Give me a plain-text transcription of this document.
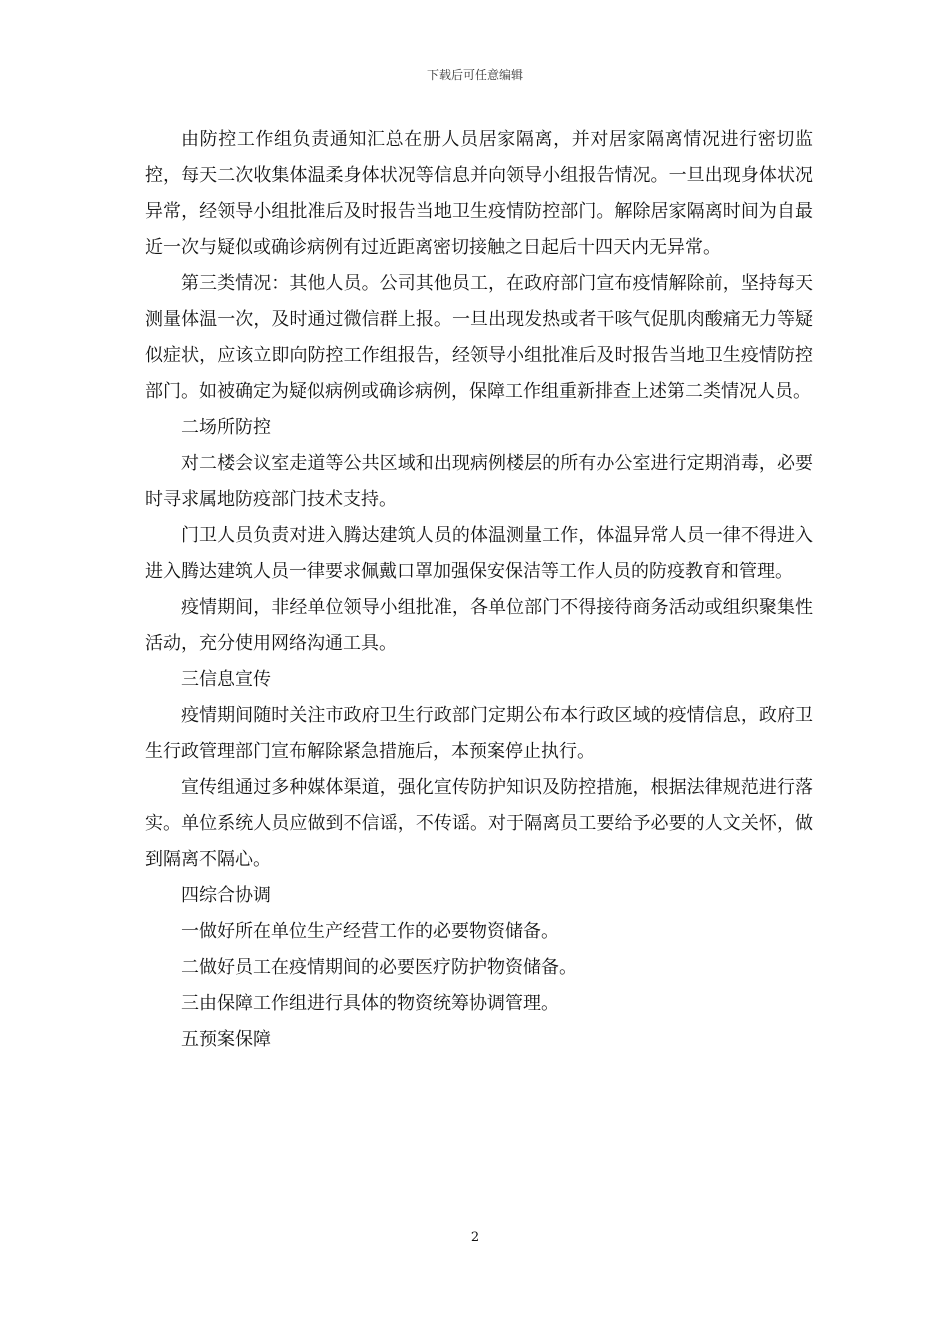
下载后可任意编辑

由防控工作组负责通知汇总在册人员居家隔离，并对居家隔离情况进行密切监控，每天二次收集体温柔身体状况等信息并向领导小组报告情况。一旦出现身体状况异常，经领导小组批准后及时报告当地卫生疫情防控部门。解除居家隔离时间为自最近一次与疑似或确诊病例有过近距离密切接触之日起后十四天内无异常。

第三类情况：其他人员。公司其他员工，在政府部门宣布疫情解除前，坚持每天测量体温一次，及时通过微信群上报。一旦出现发热或者干咳气促肌肉酸痛无力等疑似症状，应该立即向防控工作组报告，经领导小组批准后及时报告当地卫生疫情防控部门。如被确定为疑似病例或确诊病例，保障工作组重新排查上述第二类情况人员。

二场所防控

对二楼会议室走道等公共区域和出现病例楼层的所有办公室进行定期消毒，必要时寻求属地防疫部门技术支持。

门卫人员负责对进入腾达建筑人员的体温测量工作，体温异常人员一律不得进入进入腾达建筑人员一律要求佩戴口罩加强保安保洁等工作人员的防疫教育和管理。

疫情期间，非经单位领导小组批准，各单位部门不得接待商务活动或组织聚集性活动，充分使用网络沟通工具。

三信息宣传

疫情期间随时关注市政府卫生行政部门定期公布本行政区域的疫情信息，政府卫生行政管理部门宣布解除紧急措施后，本预案停止执行。

宣传组通过多种媒体渠道，强化宣传防护知识及防控措施，根据法律规范进行落实。单位系统人员应做到不信谣，不传谣。对于隔离员工要给予必要的人文关怀，做到隔离不隔心。

四综合协调

一做好所在单位生产经营工作的必要物资储备。

二做好员工在疫情期间的必要医疗防护物资储备。

三由保障工作组进行具体的物资统筹协调管理。

五预案保障

2
